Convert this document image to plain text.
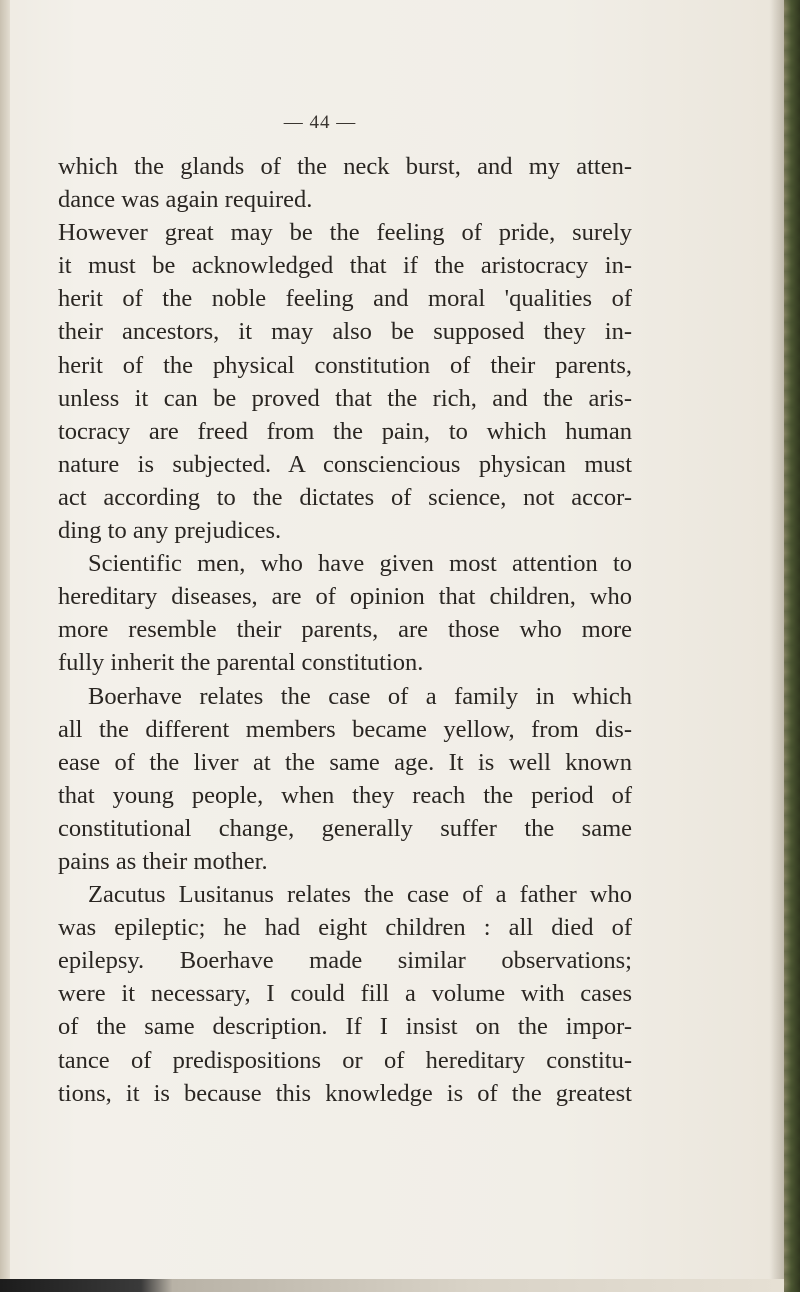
— 44 —
which the glands of the neck burst, and my atten-
dance was again required.
However great may be the feeling of pride, surely
it must be acknowledged that if the aristocracy in-
herit of the noble feeling and moral 'qualities of
their ancestors, it may also be supposed they in-
herit of the physical constitution of their parents,
unless it can be proved that the rich, and the aris-
tocracy are freed from the pain, to which human
nature is subjected. A consciencious physican must
act according to the dictates of science, not accor-
ding to any prejudices.
Scientific men, who have given most attention to
hereditary diseases, are of opinion that children, who
more resemble their parents, are those who more
fully inherit the parental constitution.
Boerhave relates the case of a family in which
all the different members became yellow, from dis-
ease of the liver at the same age. It is well known
that young people, when they reach the period of
constitutional change, generally suffer the same
pains as their mother.
Zacutus Lusitanus relates the case of a father who
was epileptic; he had eight children : all died of
epilepsy. Boerhave made similar observations;
were it necessary, I could fill a volume with cases
of the same description. If I insist on the impor-
tance of predispositions or of hereditary constitu-
tions, it is because this knowledge is of the greatest
